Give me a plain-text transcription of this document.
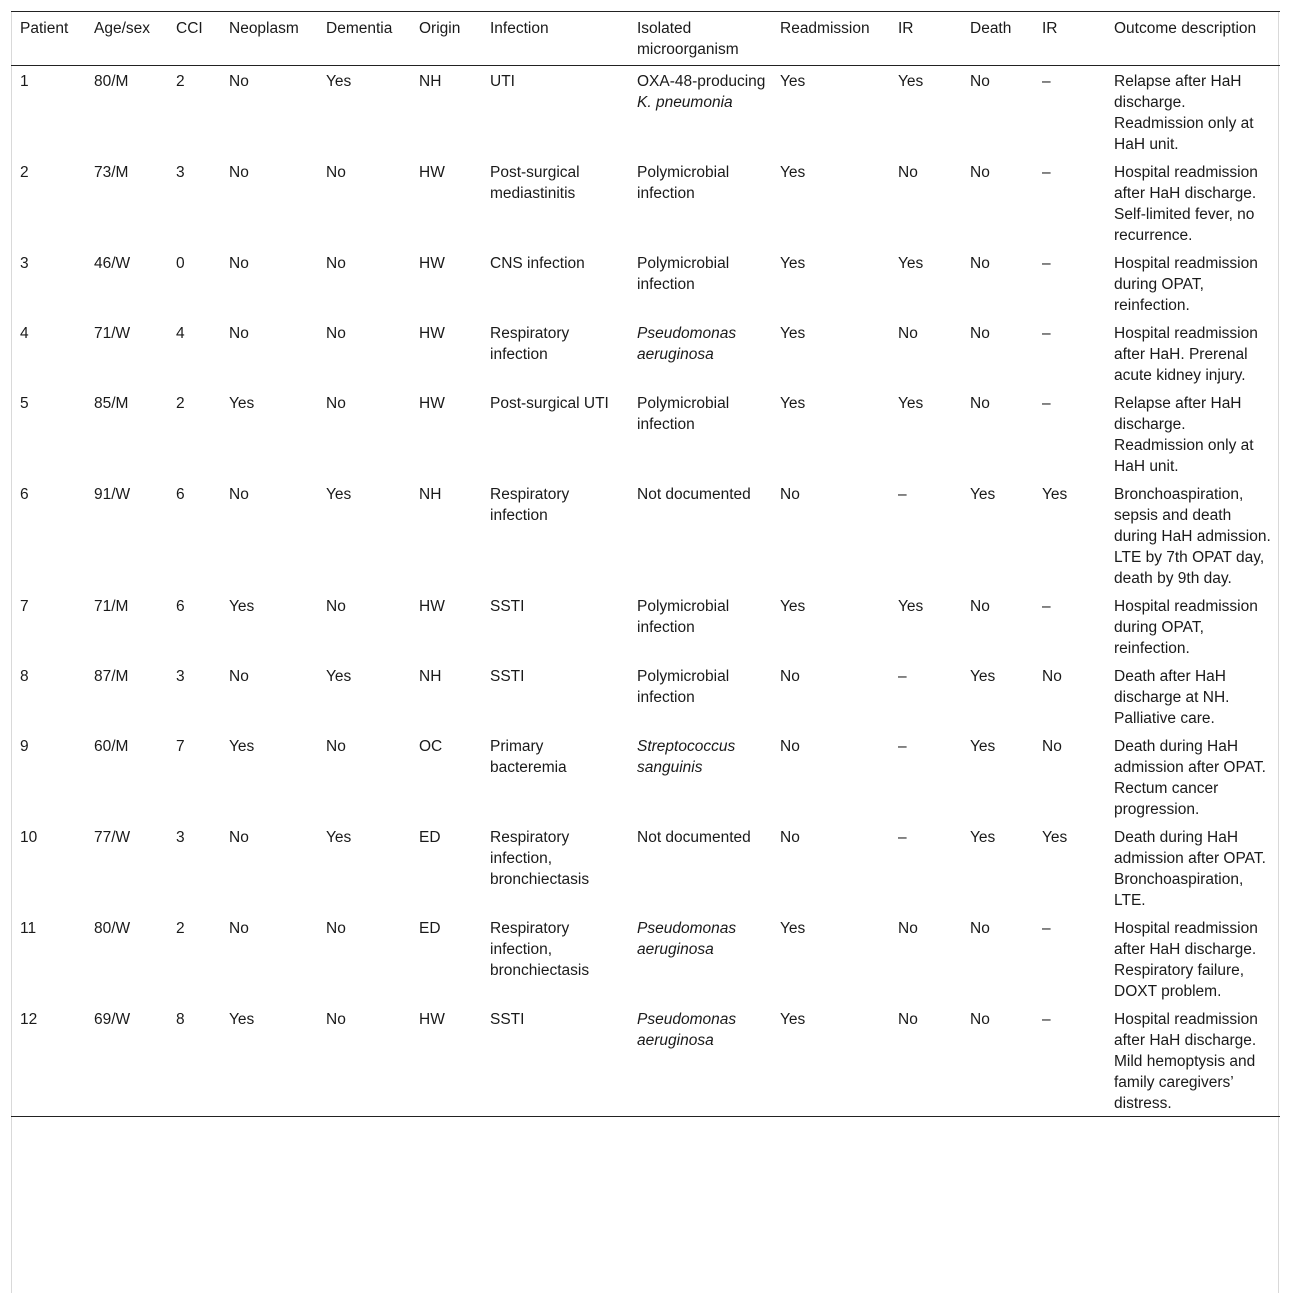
Patient	Age/sex	CCI	Neoplasm	Dementia	Origin	Infection	Isolated microorganism	Readmission	IR	Death	IR	Outcome description
1	80/M	2	No	Yes	NH	UTI	OXA-48-producing K. pneumonia	Yes	Yes	No	–	Relapse after HaH discharge. Readmission only at HaH unit.
2	73/M	3	No	No	HW	Post-surgical mediastinitis	Polymicrobial infection	Yes	No	No	–	Hospital readmission after HaH discharge. Self-limited fever, no recurrence.
3	46/W	0	No	No	HW	CNS infection	Polymicrobial infection	Yes	Yes	No	–	Hospital readmission during OPAT, reinfection.
4	71/W	4	No	No	HW	Respiratory infection	Pseudomonas aeruginosa	Yes	No	No	–	Hospital readmission after HaH. Prerenal acute kidney injury.
5	85/M	2	Yes	No	HW	Post-surgical UTI	Polymicrobial infection	Yes	Yes	No	–	Relapse after HaH discharge. Readmission only at HaH unit.
6	91/W	6	No	Yes	NH	Respiratory infection	Not documented	No	–	Yes	Yes	Bronchoaspiration, sepsis and death during HaH admission. LTE by 7th OPAT day, death by 9th day.
7	71/M	6	Yes	No	HW	SSTI	Polymicrobial infection	Yes	Yes	No	–	Hospital readmission during OPAT, reinfection.
8	87/M	3	No	Yes	NH	SSTI	Polymicrobial infection	No	–	Yes	No	Death after HaH discharge at NH. Palliative care.
9	60/M	7	Yes	No	OC	Primary bacteremia	Streptococcus sanguinis	No	–	Yes	No	Death during HaH admission after OPAT. Rectum cancer progression.
10	77/W	3	No	Yes	ED	Respiratory infection, bronchiectasis	Not documented	No	–	Yes	Yes	Death during HaH admission after OPAT. Bronchoaspiration, LTE.
11	80/W	2	No	No	ED	Respiratory infection, bronchiectasis	Pseudomonas aeruginosa	Yes	No	No	–	Hospital readmission after HaH discharge. Respiratory failure, DOXT problem.
12	69/W	8	Yes	No	HW	SSTI	Pseudomonas aeruginosa	Yes	No	No	–	Hospital readmission after HaH discharge. Mild hemoptysis and family caregivers’ distress.
